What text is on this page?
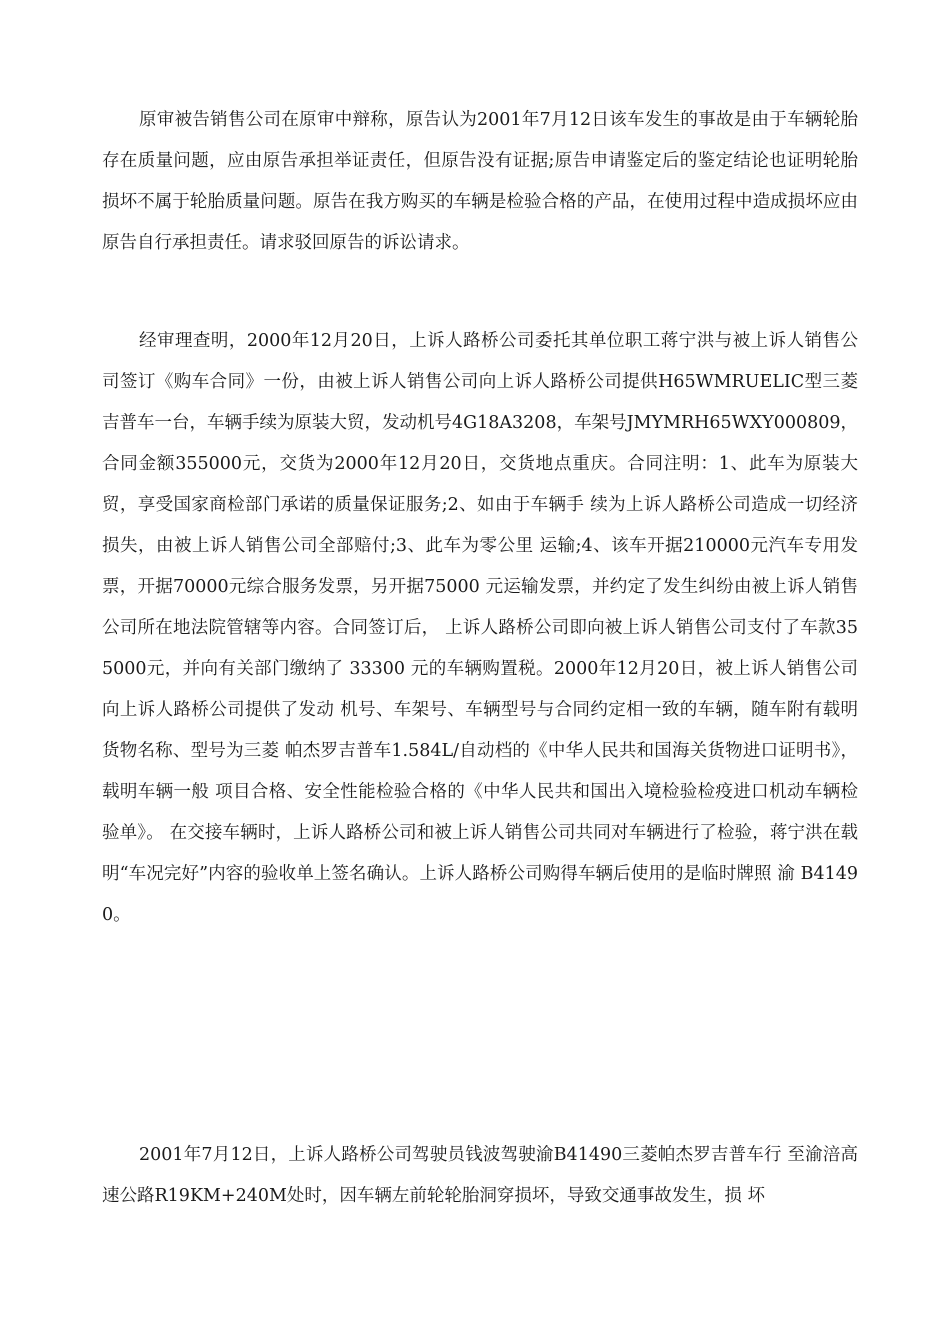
原审被告销售公司在原审中辩称，原告认为2001年7月12日该车发生的事故是由于车辆轮胎存在质量问题，应由原告承担举证责任，但原告没有证据;原告申请鉴定后的鉴定结论也证明轮胎损坏不属于轮胎质量问题。原告在我方购买的车辆是检验合格的产品，在使用过程中造成损坏应由原告自行承担责任。请求驳回原告的诉讼请求。

经审理查明，2000年12月20日，上诉人路桥公司委托其单位职工蒋宁洪与被上诉人销售公司签订《购车合同》一份，由被上诉人销售公司向上诉人路桥公司提供H65WMRUELIC型三菱吉普车一台，车辆手续为原装大贸，发动机号4G18A3208，车架号JMYMRH65WXY000809，合同金额355000元，交货为2000年12月20日，交货地点重庆。合同注明：1、此车为原装大贸，享受国家商检部门承诺的质量保证服务;2、如由于车辆手 续为上诉人路桥公司造成一切经济损失，由被上诉人销售公司全部赔付;3、此车为零公里 运输;4、该车开据210000元汽车专用发票，开据70000元综合服务发票，另开据75000 元运输发票，并约定了发生纠纷由被上诉人销售公司所在地法院管辖等内容。合同签订后， 上诉人路桥公司即向被上诉人销售公司支付了车款355000元，并向有关部门缴纳了 33300 元的车辆购置税。2000年12月20日，被上诉人销售公司向上诉人路桥公司提供了发动 机号、车架号、车辆型号与合同约定相一致的车辆，随车附有载明货物名称、型号为三菱 帕杰罗吉普车1.584L/自动档的《中华人民共和国海关货物进口证明书》，载明车辆一般 项目合格、安全性能检验合格的《中华人民共和国出入境检验检疫进口机动车辆检验单》。 在交接车辆时，上诉人路桥公司和被上诉人销售公司共同对车辆进行了检验，蒋宁洪在载 明“车况完好”内容的验收单上签名确认。上诉人路桥公司购得车辆后使用的是临时牌照 渝 B41490。

2001年7月12日，上诉人路桥公司驾驶员钱波驾驶渝B41490三菱帕杰罗吉普车行 至渝涪高速公路R19KM+240M处时，因车辆左前轮轮胎洞穿损坏，导致交通事故发生，损 坏
